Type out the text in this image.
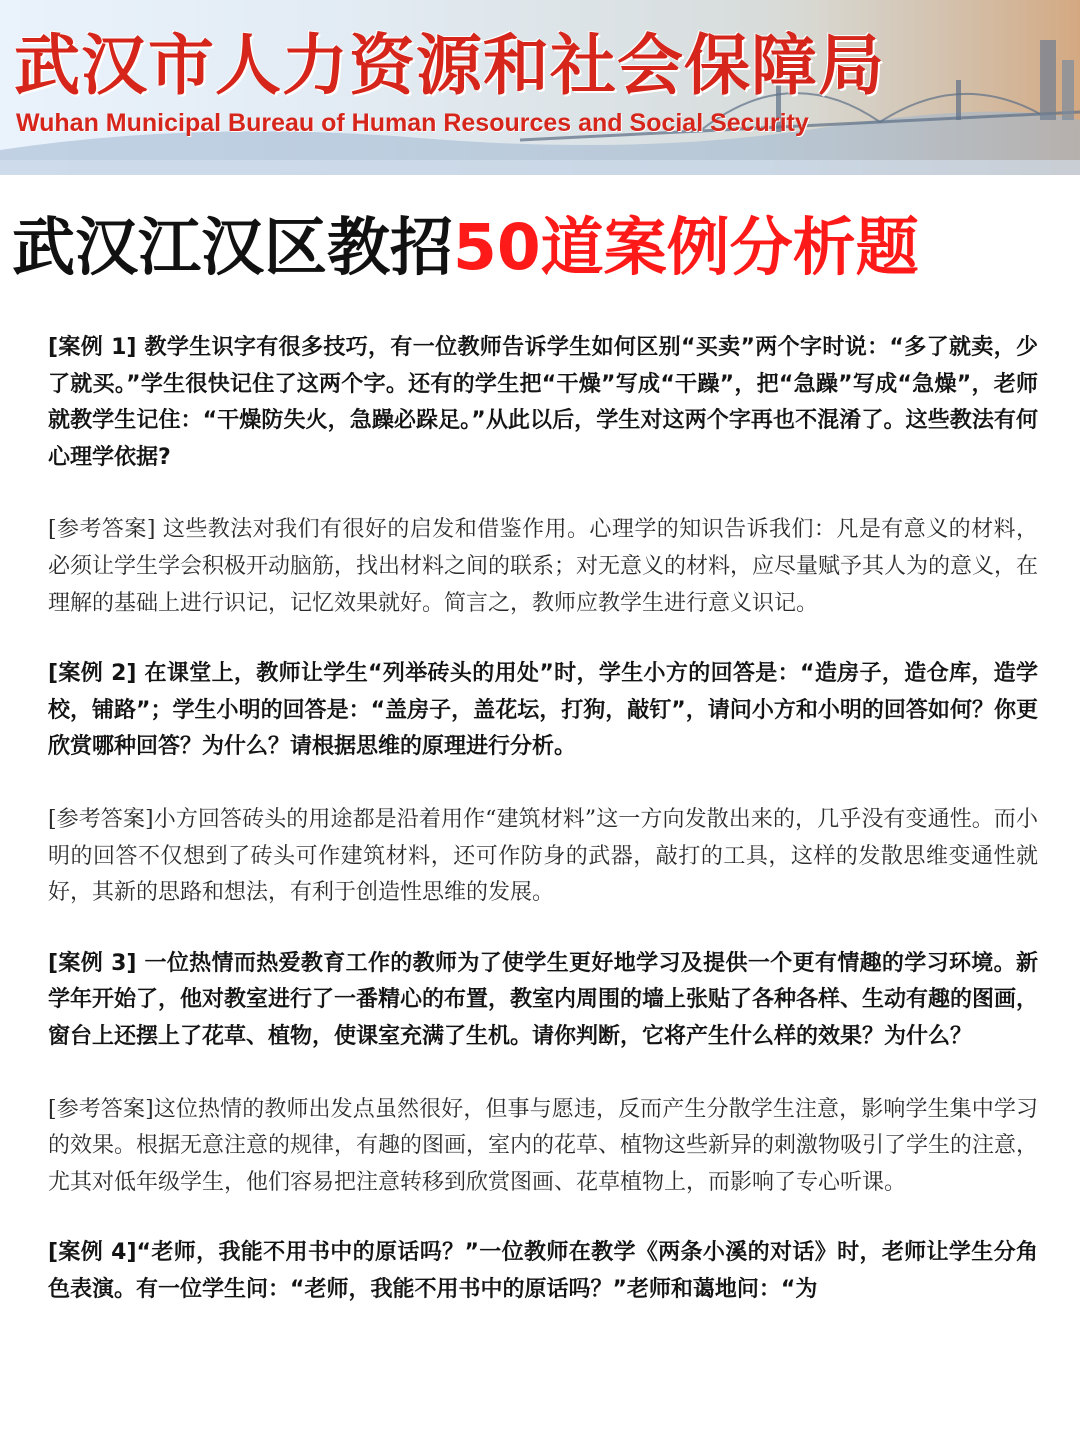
武汉市人力资源和社会保障局
Wuhan Municipal Bureau of Human Resources and Social Security
武汉江汉区教招50道案例分析题

[案例 1] 教学生识字有很多技巧，有一位教师告诉学生如何区别“买卖”两个字时说：“多了就卖，少了就买。”学生很快记住了这两个字。还有的学生把“干燥”写成“干躁”，把“急躁”写成“急燥”，老师就教学生记住：“干燥防失火，急躁必跺足。”从此以后，学生对这两个字再也不混淆了。这些教法有何心理学依据?

[参考答案] 这些教法对我们有很好的启发和借鉴作用。心理学的知识告诉我们：凡是有意义的材料，必须让学生学会积极开动脑筋，找出材料之间的联系；对无意义的材料，应尽量赋予其人为的意义，在理解的基础上进行识记，记忆效果就好。简言之，教师应教学生进行意义识记。

[案例 2] 在课堂上，教师让学生“列举砖头的用处”时，学生小方的回答是：“造房子，造仓库，造学校，铺路”；学生小明的回答是：“盖房子，盖花坛，打狗，敲钉”，请问小方和小明的回答如何？你更欣赏哪种回答？为什么？请根据思维的原理进行分析。

[参考答案]小方回答砖头的用途都是沿着用作“建筑材料”这一方向发散出来的，几乎没有变通性。而小明的回答不仅想到了砖头可作建筑材料，还可作防身的武器，敲打的工具，这样的发散思维变通性就好，其新的思路和想法，有利于创造性思维的发展。

[案例 3] 一位热情而热爱教育工作的教师为了使学生更好地学习及提供一个更有情趣的学习环境。新学年开始了，他对教室进行了一番精心的布置，教室内周围的墙上张贴了各种各样、生动有趣的图画，窗台上还摆上了花草、植物，使课室充满了生机。请你判断，它将产生什么样的效果？为什么？

[参考答案]这位热情的教师出发点虽然很好，但事与愿违，反而产生分散学生注意，影响学生集中学习的效果。根据无意注意的规律，有趣的图画，室内的花草、植物这些新异的刺激物吸引了学生的注意，尤其对低年级学生，他们容易把注意转移到欣赏图画、花草植物上，而影响了专心听课。

[案例 4]“老师，我能不用书中的原话吗？”一位教师在教学《两条小溪的对话》时，老师让学生分角色表演。有一位学生问：“老师，我能不用书中的原话吗？”老师和蔼地问：“为
